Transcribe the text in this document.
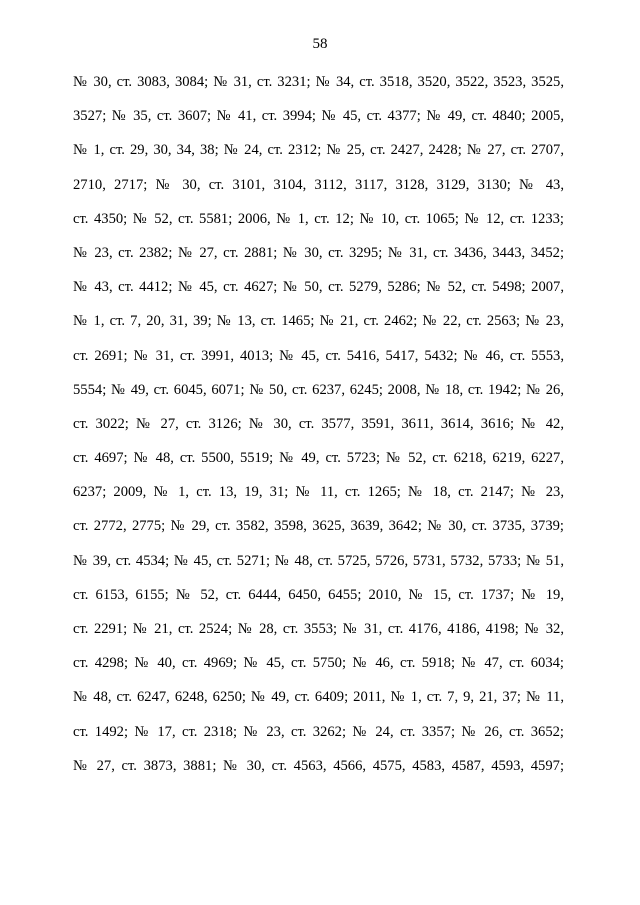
58
№ 30, ст. 3083, 3084; № 31, ст. 3231; № 34, ст. 3518, 3520, 3522, 3523, 3525,
3527; № 35, ст. 3607; № 41, ст. 3994; № 45, ст. 4377; № 49, ст. 4840; 2005,
№ 1, ст. 29, 30, 34, 38; № 24, ст. 2312; № 25, ст. 2427, 2428; № 27, ст. 2707,
2710, 2717; № 30, ст. 3101, 3104, 3112, 3117, 3128, 3129, 3130; № 43,
ст. 4350; № 52, ст. 5581; 2006, № 1, ст. 12; № 10, ст. 1065; № 12, ст. 1233;
№ 23, ст. 2382; № 27, ст. 2881; № 30, ст. 3295; № 31, ст. 3436, 3443, 3452;
№ 43, ст. 4412; № 45, ст. 4627; № 50, ст. 5279, 5286; № 52, ст. 5498; 2007,
№ 1, ст. 7, 20, 31, 39; № 13, ст. 1465; № 21, ст. 2462; № 22, ст. 2563; № 23,
ст. 2691; № 31, ст. 3991, 4013; № 45, ст. 5416, 5417, 5432; № 46, ст. 5553,
5554; № 49, ст. 6045, 6071; № 50, ст. 6237, 6245; 2008, № 18, ст. 1942; № 26,
ст. 3022; № 27, ст. 3126; № 30, ст. 3577, 3591, 3611, 3614, 3616; № 42,
ст. 4697; № 48, ст. 5500, 5519; № 49, ст. 5723; № 52, ст. 6218, 6219, 6227,
6237; 2009, № 1, ст. 13, 19, 31; № 11, ст. 1265; № 18, ст. 2147; № 23,
ст. 2772, 2775; № 29, ст. 3582, 3598, 3625, 3639, 3642; № 30, ст. 3735, 3739;
№ 39, ст. 4534; № 45, ст. 5271; № 48, ст. 5725, 5726, 5731, 5732, 5733; № 51,
ст. 6153, 6155; № 52, ст. 6444, 6450, 6455; 2010, № 15, ст. 1737; № 19,
ст. 2291; № 21, ст. 2524; № 28, ст. 3553; № 31, ст. 4176, 4186, 4198; № 32,
ст. 4298; № 40, ст. 4969; № 45, ст. 5750; № 46, ст. 5918; № 47, ст. 6034;
№ 48, ст. 6247, 6248, 6250; № 49, ст. 6409; 2011, № 1, ст. 7, 9, 21, 37; № 11,
ст. 1492; № 17, ст. 2318; № 23, ст. 3262; № 24, ст. 3357; № 26, ст. 3652;
№ 27, ст. 3873, 3881; № 30, ст. 4563, 4566, 4575, 4583, 4587, 4593, 4597;
